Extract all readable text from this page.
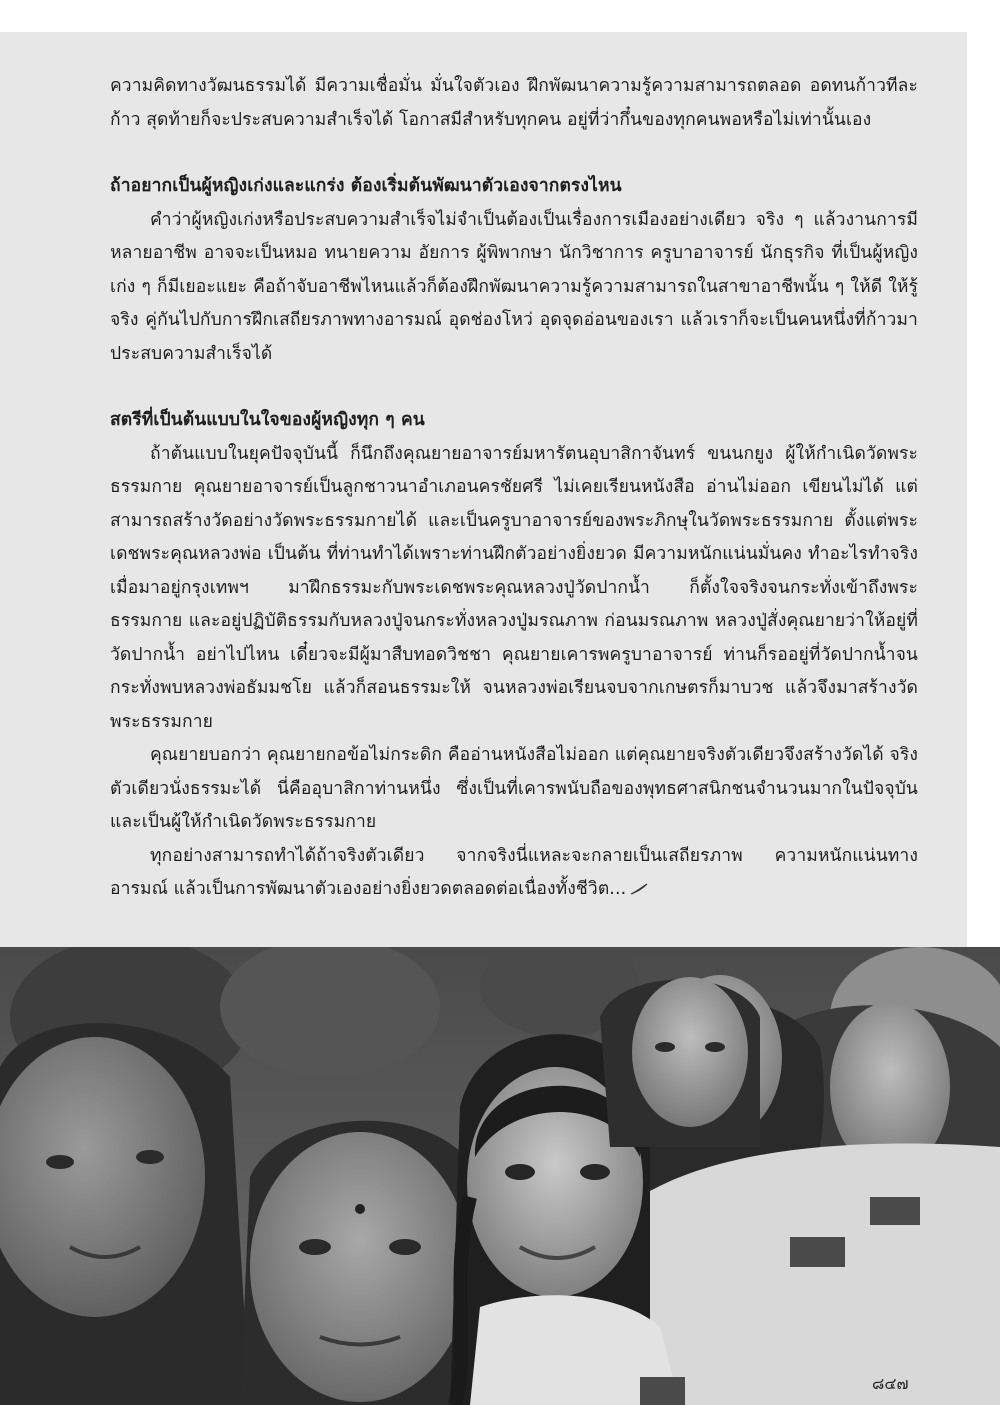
ความคิดทางวัฒนธรรมได้ มีความเชื่อมั่น มั่นใจตัวเอง ฝึกพัฒนาความรู้ความสามารถตลอด อดทนก้าวทีละก้าว สุดท้ายก็จะประสบความสำเร็จได้ โอกาสมีสำหรับทุกคน อยู่ที่ว่ากึ๋นของทุกคนพอหรือไม่เท่านั้นเอง

ถ้าอยากเป็นผู้หญิงเก่งและแกร่ง ต้องเริ่มต้นพัฒนาตัวเองจากตรงไหน

คำว่าผู้หญิงเก่งหรือประสบความสำเร็จไม่จำเป็นต้องเป็นเรื่องการเมืองอย่างเดียว จริง ๆ แล้วงานการมีหลายอาชีพ อาจจะเป็นหมอ ทนายความ อัยการ ผู้พิพากษา นักวิชาการ ครูบาอาจารย์ นักธุรกิจ ที่เป็นผู้หญิงเก่ง ๆ ก็มีเยอะแยะ คือถ้าจับอาชีพไหนแล้วก็ต้องฝึกพัฒนาความรู้ความสามารถในสาขาอาชีพนั้น ๆ ให้ดี ให้รู้จริง คู่กันไปกับการฝึกเสถียรภาพทางอารมณ์ อุดช่องโหว่ อุดจุดอ่อนของเรา แล้วเราก็จะเป็นคนหนึ่งที่ก้าวมาประสบความสำเร็จได้

สตรีที่เป็นต้นแบบในใจของผู้หญิงทุก ๆ คน

ถ้าต้นแบบในยุคปัจจุบันนี้ ก็นึกถึงคุณยายอาจารย์มหารัตนอุบาสิกาจันทร์ ขนนกยูง ผู้ให้กำเนิดวัดพระธรรมกาย คุณยายอาจารย์เป็นลูกชาวนาอำเภอนครชัยศรี ไม่เคยเรียนหนังสือ อ่านไม่ออก เขียนไม่ได้ แต่สามารถสร้างวัดอย่างวัดพระธรรมกายได้ และเป็นครูบาอาจารย์ของพระภิกษุในวัดพระธรรมกาย ตั้งแต่พระเดชพระคุณหลวงพ่อ เป็นต้น ที่ท่านทำได้เพราะท่านฝึกตัวอย่างยิ่งยวด มีความหนักแน่นมั่นคง ทำอะไรทำจริง เมื่อมาอยู่กรุงเทพฯ มาฝึกธรรมะกับพระเดชพระคุณหลวงปู่วัดปากน้ำ ก็ตั้งใจจริงจนกระทั่งเข้าถึงพระธรรมกาย และอยู่ปฏิบัติธรรมกับหลวงปู่จนกระทั่งหลวงปู่มรณภาพ ก่อนมรณภาพ หลวงปู่สั่งคุณยายว่าให้อยู่ที่วัดปากน้ำ อย่าไปไหน เดี๋ยวจะมีผู้มาสืบทอดวิชชา คุณยายเคารพครูบาอาจารย์ ท่านก็รออยู่ที่วัดปากน้ำจนกระทั่งพบหลวงพ่อธัมมชโย แล้วก็สอนธรรมะให้ จนหลวงพ่อเรียนจบจากเกษตรก็มาบวช แล้วจึงมาสร้างวัดพระธรรมกาย

คุณยายบอกว่า คุณยายกอข้อไม่กระดิก คืออ่านหนังสือไม่ออก แต่คุณยายจริงตัวเดียวจึงสร้างวัดได้ จริงตัวเดียวนั่งธรรมะได้ นี่คืออุบาสิกาท่านหนึ่ง ซึ่งเป็นที่เคารพนับถือของพุทธศาสนิกชนจำนวนมากในปัจจุบัน และเป็นผู้ให้กำเนิดวัดพระธรรมกาย

ทุกอย่างสามารถทำได้ถ้าจริงตัวเดียว จากจริงนี่แหละจะกลายเป็นเสถียรภาพ ความหนักแน่นทางอารมณ์ แล้วเป็นการพัฒนาตัวเองอย่างยิ่งยวดตลอดต่อเนื่องทั้งชีวิต...

๘๔๗
